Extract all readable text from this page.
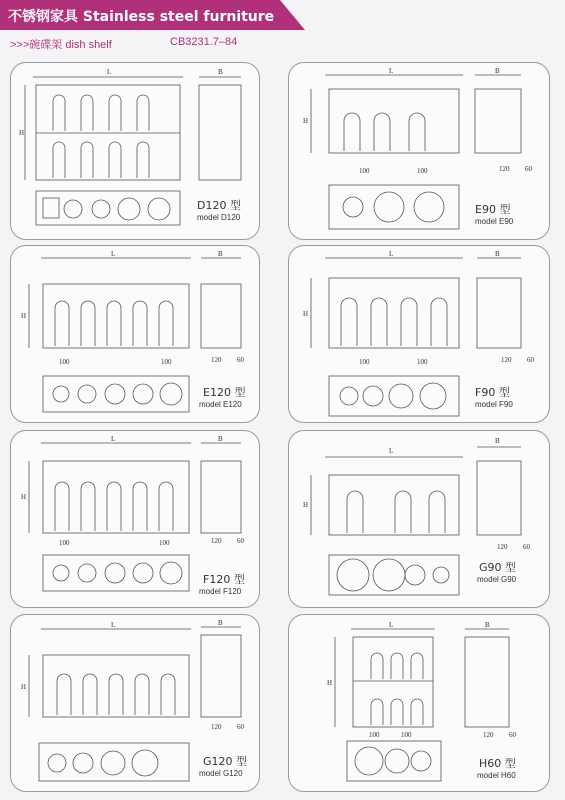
不锈钢家具 Stainless steel furniture
>>>碗碟架 dish shelf	CB3231.7–84
L	B
H
D120 型
model D120
L	B
H
100	100	120 60
E90 型
model E90
L	B
H
100	100	120 60
E120 型
model E120
L	B
H
100	100	120 60
F90 型
model F90
L	B
H
100	100	120 60
F120 型
model F120
L
B
H
120 60
G90 型
model G90
L	B
H
120 60
G120 型
model G120
L	B
H
100	100	120 60
H60 型
model H60
